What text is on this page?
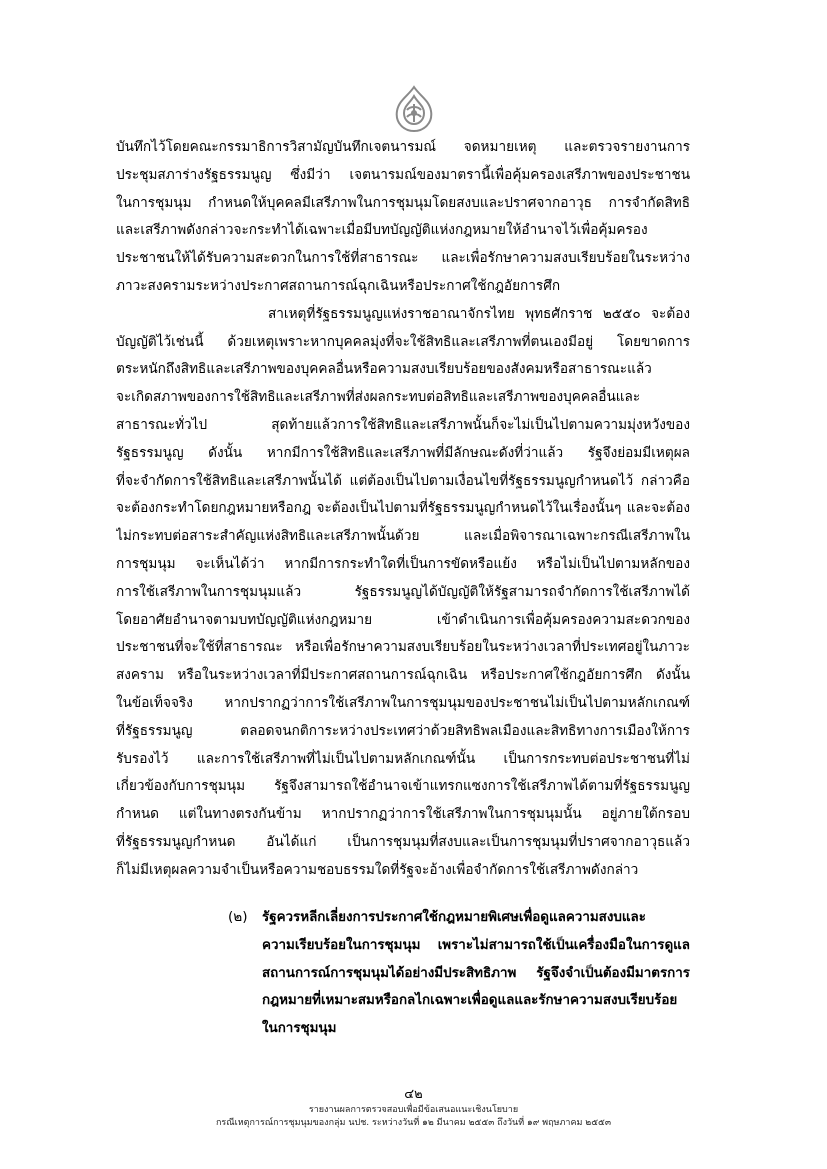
บันทึกไว้โดยคณะกรรมาธิการวิสามัญบันทึกเจตนารมณ์ จดหมายเหตุ และตรวจรายงานการ
ประชุมสภาร่างรัฐธรรมนูญ ซึ่งมีว่า เจตนารมณ์ของมาตรานี้เพื่อคุ้มครองเสรีภาพของประชาชน
ในการชุมนุม กำหนดให้บุคคลมีเสรีภาพในการชุมนุมโดยสงบและปราศจากอาวุธ การจำกัดสิทธิ
และเสรีภาพดังกล่าวจะกระทำได้เฉพาะเมื่อมีบทบัญญัติแห่งกฎหมายให้อำนาจไว้เพื่อคุ้มครอง
ประชาชนให้ได้รับความสะดวกในการใช้ที่สาธารณะ และเพื่อรักษาความสงบเรียบร้อยในระหว่าง
ภาวะสงครามระหว่างประกาศสถานการณ์ฉุกเฉินหรือประกาศใช้กฎอัยการศึก
สาเหตุที่รัฐธรรมนูญแห่งราชอาณาจักรไทย พุทธศักราช ๒๕๕๐ จะต้อง
บัญญัติไว้เช่นนี้ ด้วยเหตุเพราะหากบุคคลมุ่งที่จะใช้สิทธิและเสรีภาพที่ตนเองมีอยู่ โดยขาดการ
ตระหนักถึงสิทธิและเสรีภาพของบุคคลอื่นหรือความสงบเรียบร้อยของสังคมหรือสาธารณะแล้ว
จะเกิดสภาพของการใช้สิทธิและเสรีภาพที่ส่งผลกระทบต่อสิทธิและเสรีภาพของบุคคลอื่นและ
สาธารณะทั่วไป สุดท้ายแล้วการใช้สิทธิและเสรีภาพนั้นก็จะไม่เป็นไปตามความมุ่งหวังของ
รัฐธรรมนูญ ดังนั้น หากมีการใช้สิทธิและเสรีภาพที่มีลักษณะดังที่ว่าแล้ว รัฐจึงย่อมมีเหตุผล
ที่จะจำกัดการใช้สิทธิและเสรีภาพนั้นได้ แต่ต้องเป็นไปตามเงื่อนไขที่รัฐธรรมนูญกำหนดไว้ กล่าวคือ
จะต้องกระทำโดยกฎหมายหรือกฎ จะต้องเป็นไปตามที่รัฐธรรมนูญกำหนดไว้ในเรื่องนั้นๆ และจะต้อง
ไม่กระทบต่อสาระสำคัญแห่งสิทธิและเสรีภาพนั้นด้วย และเมื่อพิจารณาเฉพาะกรณีเสรีภาพใน
การชุมนุม จะเห็นได้ว่า หากมีการกระทำใดที่เป็นการขัดหรือแย้ง หรือไม่เป็นไปตามหลักของ
การใช้เสรีภาพในการชุมนุมแล้ว รัฐธรรมนูญได้บัญญัติให้รัฐสามารถจำกัดการใช้เสรีภาพได้
โดยอาศัยอำนาจตามบทบัญญัติแห่งกฎหมาย เข้าดำเนินการเพื่อคุ้มครองความสะดวกของ
ประชาชนที่จะใช้ที่สาธารณะ หรือเพื่อรักษาความสงบเรียบร้อยในระหว่างเวลาที่ประเทศอยู่ในภาวะ
สงคราม หรือในระหว่างเวลาที่มีประกาศสถานการณ์ฉุกเฉิน หรือประกาศใช้กฎอัยการศึก ดังนั้น
ในข้อเท็จจริง หากปรากฏว่าการใช้เสรีภาพในการชุมนุมของประชาชนไม่เป็นไปตามหลักเกณฑ์
ที่รัฐธรรมนูญ ตลอดจนกติการะหว่างประเทศว่าด้วยสิทธิพลเมืองและสิทธิทางการเมืองให้การ
รับรองไว้ และการใช้เสรีภาพที่ไม่เป็นไปตามหลักเกณฑ์นั้น เป็นการกระทบต่อประชาชนที่ไม่
เกี่ยวข้องกับการชุมนุม รัฐจึงสามารถใช้อำนาจเข้าแทรกแซงการใช้เสรีภาพได้ตามที่รัฐธรรมนูญ
กำหนด แต่ในทางตรงกันข้าม หากปรากฏว่าการใช้เสรีภาพในการชุมนุมนั้น อยู่ภายใต้กรอบ
ที่รัฐธรรมนูญกำหนด อันได้แก่ เป็นการชุมนุมที่สงบและเป็นการชุมนุมที่ปราศจากอาวุธแล้ว
ก็ไม่มีเหตุผลความจำเป็นหรือความชอบธรรมใดที่รัฐจะอ้างเพื่อจำกัดการใช้เสรีภาพดังกล่าว
(๒) รัฐควรหลีกเลี่ยงการประกาศใช้กฎหมายพิเศษเพื่อดูแลความสงบและ
ความเรียบร้อยในการชุมนุม เพราะไม่สามารถใช้เป็นเครื่องมือในการดูแล
สถานการณ์การชุมนุมได้อย่างมีประสิทธิภาพ รัฐจึงจำเป็นต้องมีมาตรการ
กฎหมายที่เหมาะสมหรือกลไกเฉพาะเพื่อดูแลและรักษาความสงบเรียบร้อย
ในการชุมนุม
๔๒
รายงานผลการตรวจสอบเพื่อมีข้อเสนอแนะเชิงนโยบาย
กรณีเหตุการณ์การชุมนุมของกลุ่ม นปช. ระหว่างวันที่ ๑๒ มีนาคม ๒๕๕๓ ถึงวันที่ ๑๙ พฤษภาคม ๒๕๕๓
